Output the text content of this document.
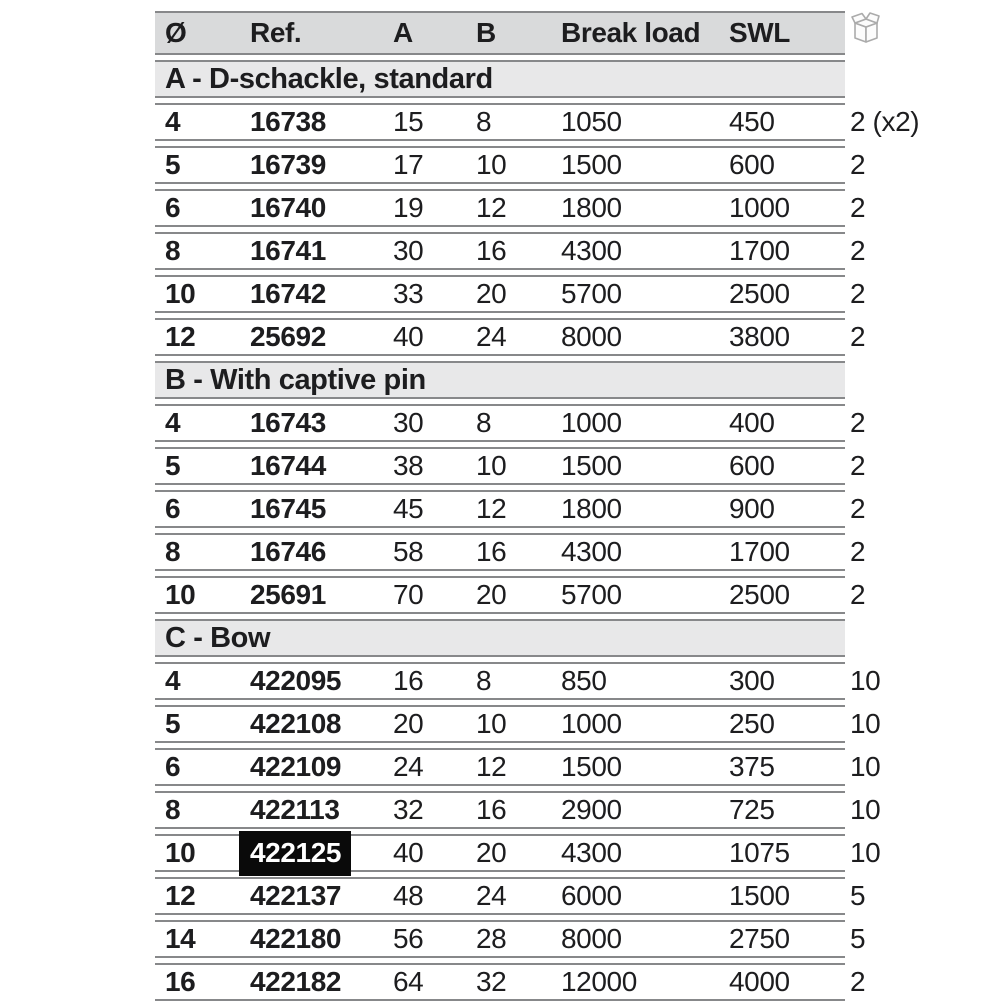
Ø	Ref.	A	B	Break load	SWL	
A - D-schackle, standard						
4	16738	15	8	1050	450	2 (x2)
5	16739	17	10	1500	600	2
6	16740	19	12	1800	1000	2
8	16741	30	16	4300	1700	2
10	16742	33	20	5700	2500	2
12	25692	40	24	8000	3800	2
B - With captive pin						
4	16743	30	8	1000	400	2
5	16744	38	10	1500	600	2
6	16745	45	12	1800	900	2
8	16746	58	16	4300	1700	2
10	25691	70	20	5700	2500	2
C - Bow						
4	422095	16	8	850	300	10
5	422108	20	10	1000	250	10
6	422109	24	12	1500	375	10
8	422113	32	16	2900	725	10
10	422125	40	20	4300	1075	10
12	422137	48	24	6000	1500	5
14	422180	56	28	8000	2750	5
16	422182	64	32	12000	4000	2
